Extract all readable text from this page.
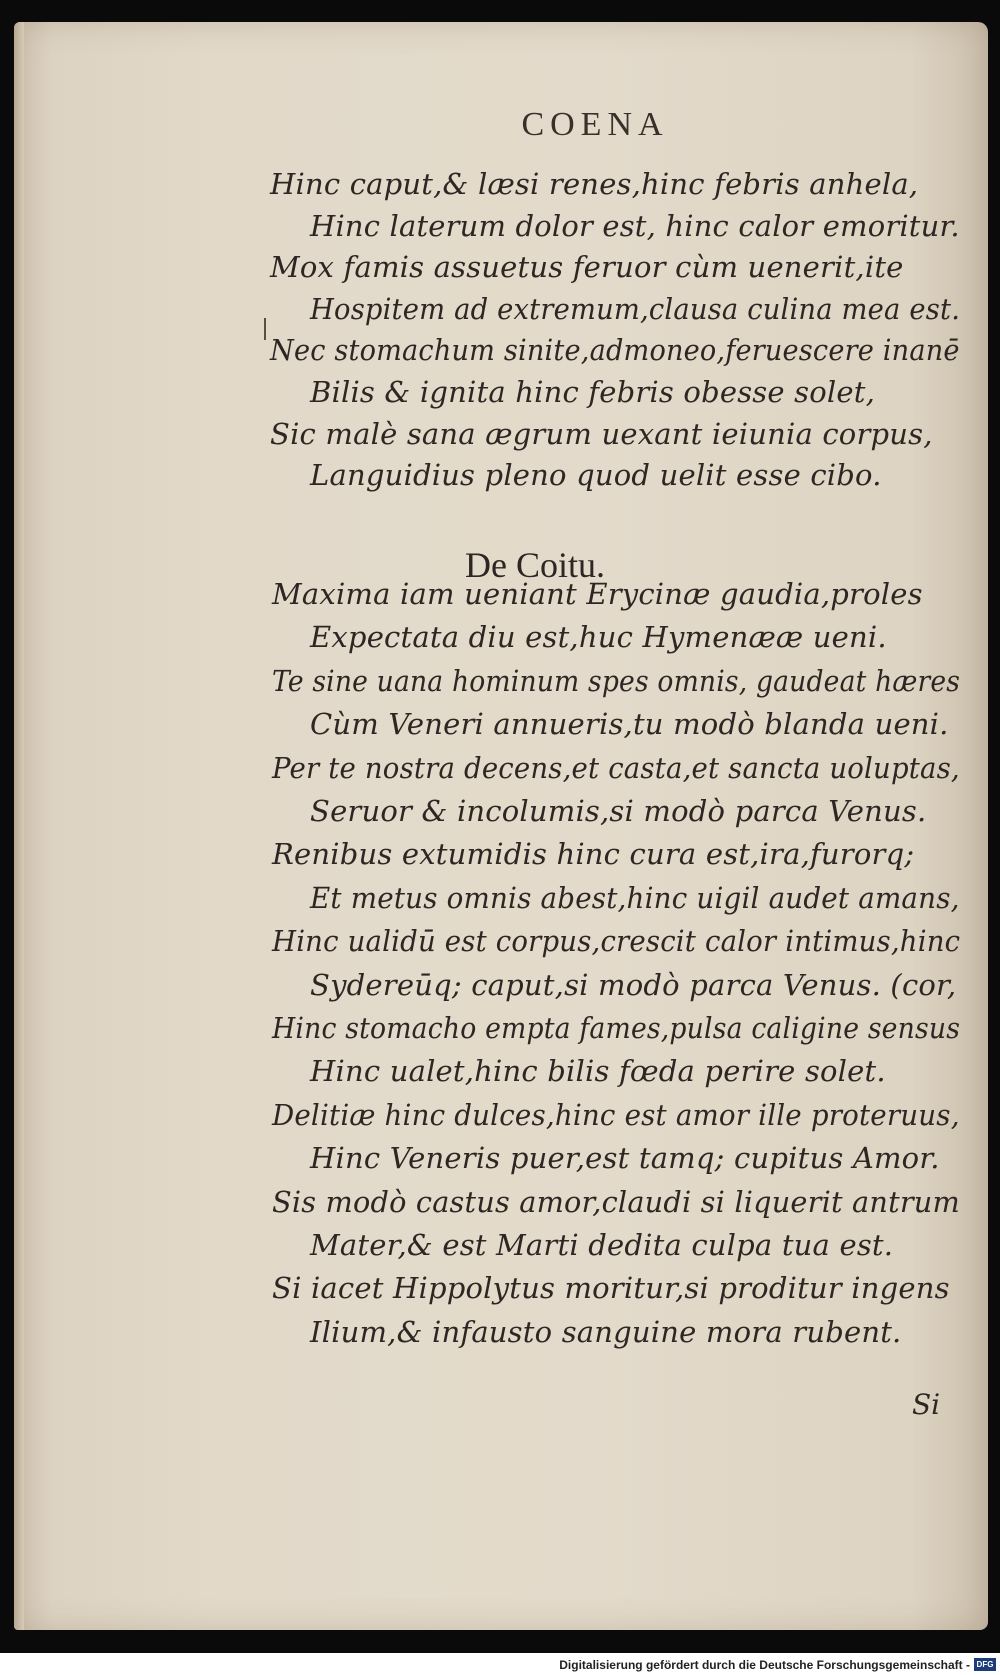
COENA
Hinc caput,& læsi renes,hinc febris anhela,
Hinc laterum dolor est, hinc calor emoritur.
Mox famis assuetus feruor cùm uenerit,ite
Hospitem ad extremum,clausa culina mea est.
Nec stomachum sinite,admoneo,feruescere inanē
Bilis & ignita hinc febris obesse solet,
Sic malè sana ægrum uexant ieiunia corpus,
Languidius pleno quod uelit esse cibo.
De Coitu.
Maxima iam ueniant Erycinæ gaudia,proles
Expectata diu est,huc Hymenææ ueni.
Te sine uana hominum spes omnis, gaudeat hæres
Cùm Veneri annueris,tu modò blanda ueni.
Per te nostra decens,et casta,et sancta uoluptas,
Seruor & incolumis,si modò parca Venus.
Renibus extumidis hinc cura est,ira,furorq;
Et metus omnis abest,hinc uigil audet amans,
Hinc ualidū est corpus,crescit calor intimus,hinc
Sydereūq; caput,si modò parca Venus. (cor,
Hinc stomacho empta fames,pulsa caligine sensus
Hinc ualet,hinc bilis fœda perire solet.
Delitiæ hinc dulces,hinc est amor ille proteruus,
Hinc Veneris puer,est tamq; cupitus Amor.
Sis modò castus amor,claudi si liquerit antrum
Mater,& est Marti dedita culpa tua est.
Si iacet Hippolytus moritur,si proditur ingens
Ilium,& infausto sanguine mora rubent.
Si
Digitalisierung gefördert durch die Deutsche Forschungsgemeinschaft - DFG
